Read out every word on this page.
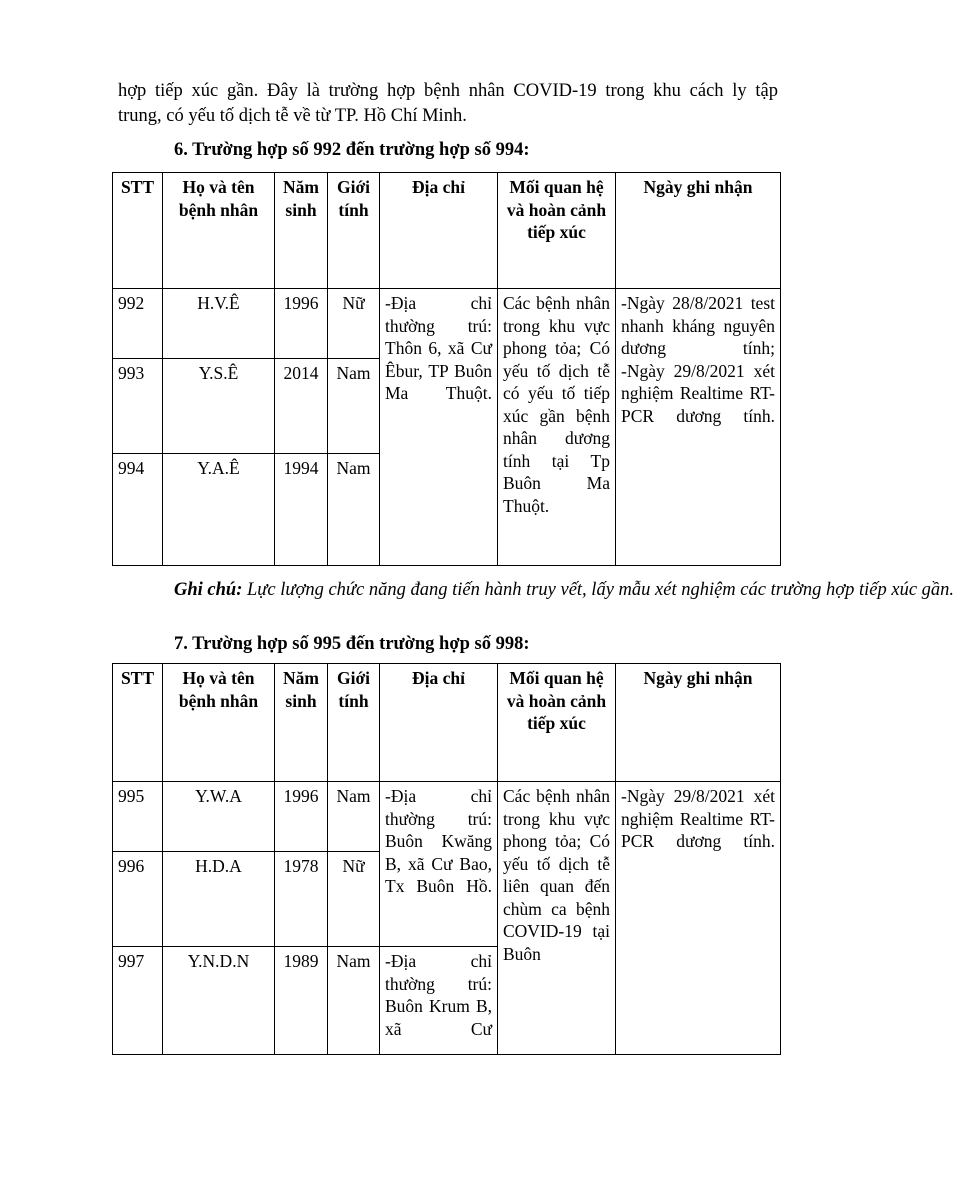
hợp tiếp xúc gần. Đây là trường hợp bệnh nhân COVID-19 trong khu cách ly tập
trung, có yếu tố dịch tễ về từ TP. Hồ Chí Minh.
6. Trường hợp số 992 đến trường hợp số 994:
STT	Họ và tên bệnh nhân	Năm sinh	Giới tính	Địa chỉ	Mối quan hệ và hoàn cảnh tiếp xúc	Ngày ghi nhận
992	H.V.Ê	1996	Nữ	-Địa chỉ thường trú: Thôn 6, xã Cư Êbur, TP Buôn Ma Thuột.	Các bệnh nhân trong khu vực phong tỏa; Có yếu tố dịch tễ có yếu tố tiếp xúc gần bệnh nhân dương tính tại Tp Buôn Ma Thuột.	-Ngày 28/8/2021 test nhanh kháng nguyên dương tính;
-Ngày 29/8/2021 xét nghiệm Realtime RT-PCR dương tính.

993	Y.S.Ê	2014	Nam			
994	Y.A.Ê	1994	Nam			
Ghi chú: Lực lượng chức năng đang tiến hành truy vết, lấy mẫu xét nghiệm các trường hợp tiếp xúc gần.
7. Trường hợp số 995 đến trường hợp số 998:
STT	Họ và tên bệnh nhân	Năm sinh	Giới tính	Địa chỉ	Mối quan hệ và hoàn cảnh tiếp xúc	Ngày ghi nhận
995	Y.W.A	1996	Nam	-Địa chỉ thường trú: Buôn Kwăng B, xã Cư Bao, Tx Buôn Hồ.	Các bệnh nhân trong khu vực phong tỏa; Có yếu tố dịch tễ liên quan đến chùm ca bệnh COVID-19 tại Buôn	-Ngày 29/8/2021 xét nghiệm Realtime RT-PCR dương tính.
996	H.D.A	1978	Nữ			
997	Y.N.D.N	1989	Nam	-Địa chỉ thường trú: Buôn Krum B, xã Cư		
